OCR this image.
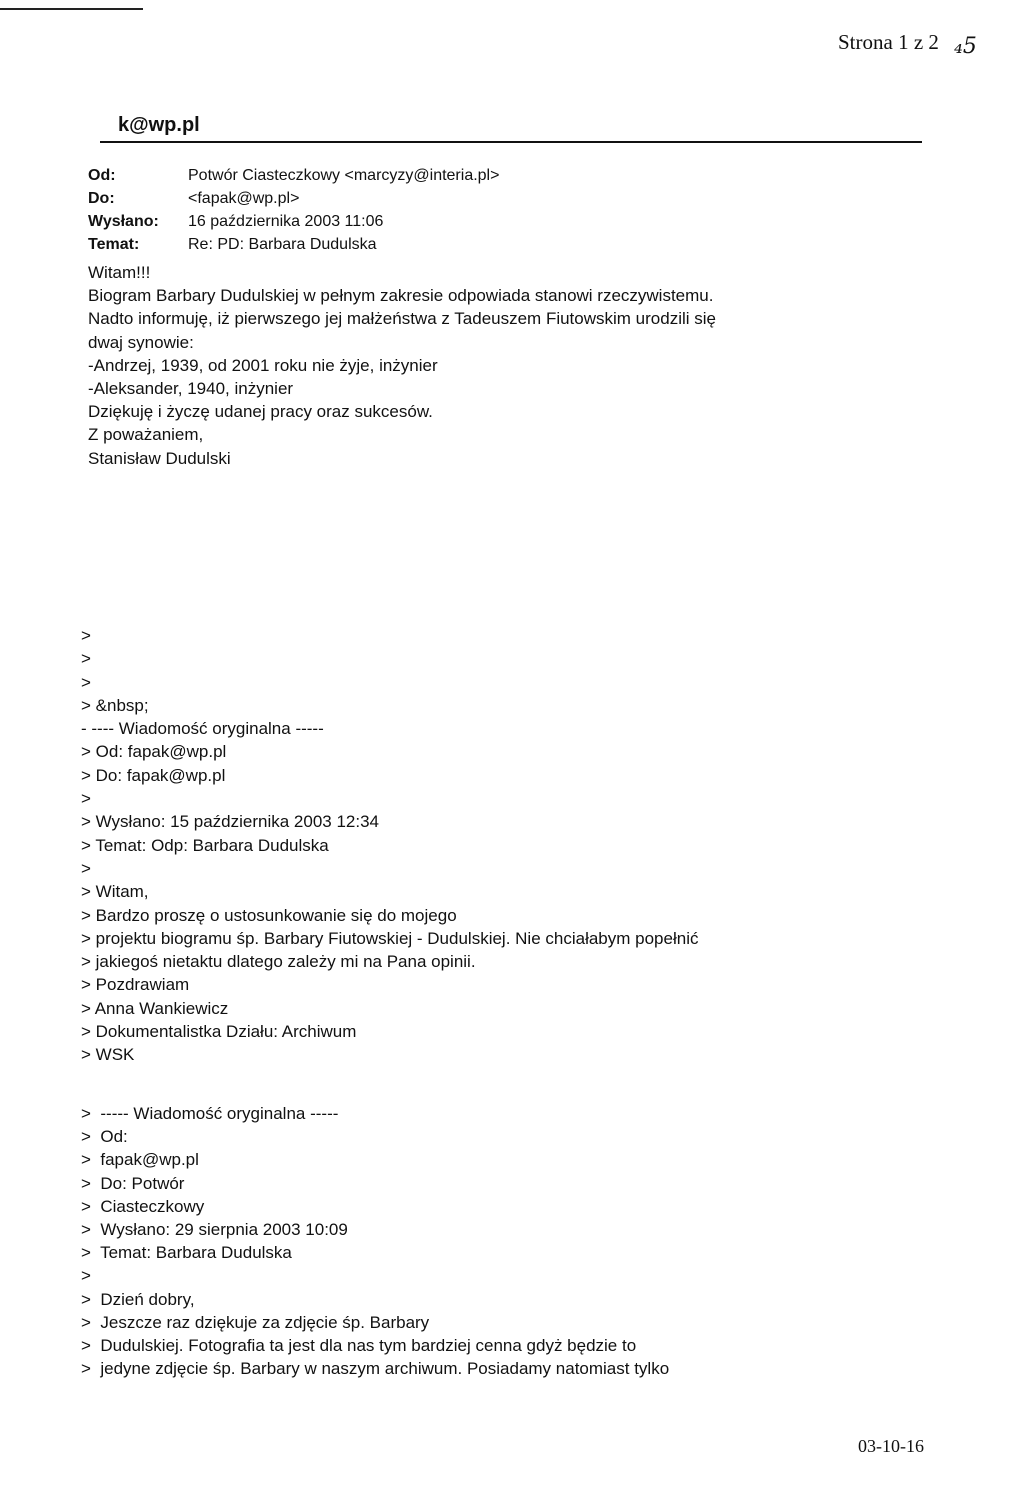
Strona 1 z 2 ₄5
k@wp.pl
Od:	Potwór Ciasteczkowy <marcyzy@interia.pl>
Do:	<fapak@wp.pl>
Wysłano:	16 października 2003 11:06
Temat:	Re: PD: Barbara Dudulska
Witam!!!
Biogram Barbary Dudulskiej w pełnym zakresie odpowiada stanowi rzeczywistemu.
Nadto informuję, iż pierwszego jej małżeństwa z Tadeuszem Fiutowskim urodzili się
dwaj synowie:
-Andrzej, 1939, od 2001 roku nie żyje, inżynier
-Aleksander, 1940, inżynier
Dziękuję i życzę udanej pracy oraz sukcesów.
Z poważaniem,
Stanisław Dudulski
>
>
>
> &nbsp;
- ---- Wiadomość oryginalna -----
> Od: fapak@wp.pl
> Do: fapak@wp.pl
>
> Wysłano: 15 października 2003 12:34
> Temat: Odp: Barbara Dudulska
>
> Witam,
> Bardzo proszę o ustosunkowanie się do mojego
> projektu biogramu śp. Barbary Fiutowskiej - Dudulskiej. Nie chciałabym popełnić
> jakiegoś nietaktu dlatego zależy mi na Pana opinii.
> Pozdrawiam
> Anna Wankiewicz
> Dokumentalistka Działu: Archiwum
> WSK
>  ----- Wiadomość oryginalna -----
>  Od:
>  fapak@wp.pl
>  Do: Potwór
>  Ciasteczkowy
>  Wysłano: 29 sierpnia 2003 10:09
>  Temat: Barbara Dudulska
>
>  Dzień dobry,
>  Jeszcze raz dziękuje za zdjęcie śp. Barbary
>  Dudulskiej. Fotografia ta jest dla nas tym bardziej cenna gdyż będzie to
>  jedyne zdjęcie śp. Barbary w naszym archiwum. Posiadamy natomiast tylko
03-10-16
